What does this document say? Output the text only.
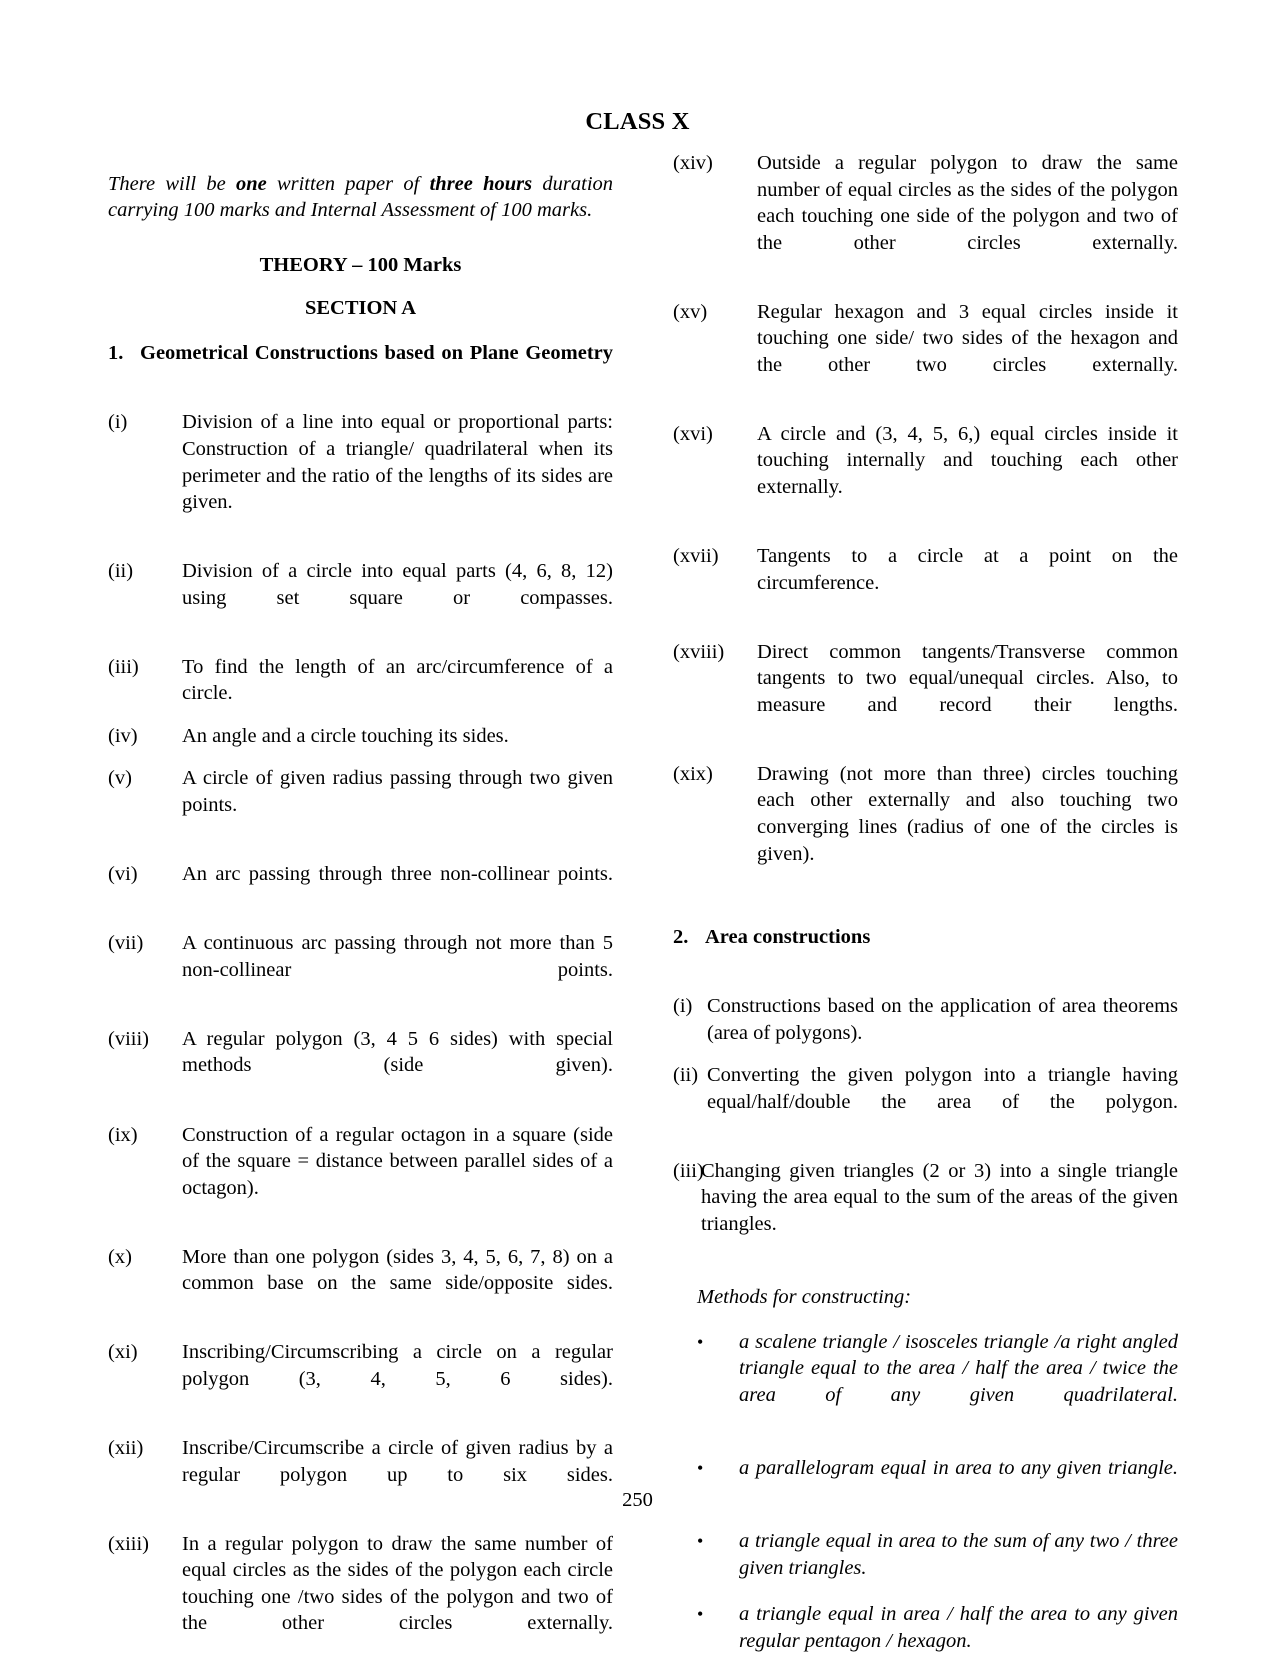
CLASS X

There will be one written paper of three hours duration carrying 100 marks and Internal Assessment of 100 marks.

THEORY – 100 Marks
SECTION A
1. Geometrical Constructions based on Plane Geometry
(i)	Division of a line into equal or proportional parts: Construction of a triangle/ quadrilateral when its perimeter and the ratio of the lengths of its sides are given.
(ii)	Division of a circle into equal parts (4, 6, 8, 12) using set square or compasses.
(iii)	To find the length of an arc/circumference of a circle.
(iv)	An angle and a circle touching its sides.
(v)	A circle of given radius passing through two given points.
(vi)	An arc passing through three non-collinear points.
(vii)	A continuous arc passing through not more than 5 non-collinear points.
(viii)	A regular polygon (3, 4 5 6 sides) with special methods (side given).
(ix)	Construction of a regular octagon in a square (side of the square = distance between parallel sides of a octagon).
(x)	More than one polygon (sides 3, 4, 5, 6, 7, 8) on a common base on the same side/opposite sides.
(xi)	Inscribing/Circumscribing a circle on a regular polygon (3, 4, 5, 6 sides).
(xii)	Inscribe/Circumscribe a circle of given radius by a regular polygon up to six sides.
(xiii)	In a regular polygon to draw the same number of equal circles as the sides of the polygon each circle touching one /two sides of the polygon and two of the other circles externally.
(xiv)	Outside a regular polygon to draw the same number of equal circles as the sides of the polygon each touching one side of the polygon and two of the other circles externally.
(xv)	Regular hexagon and 3 equal circles inside it touching one side/ two sides of the hexagon and the other two circles externally.
(xvi)	A circle and (3, 4, 5, 6,) equal circles inside it touching internally and touching each other externally.
(xvii)	Tangents to a circle at a point on the circumference.
(xviii)	Direct common tangents/Transverse common tangents to two equal/unequal circles. Also, to measure and record their lengths.
(xix)	Drawing (not more than three) circles touching each other externally and also touching two converging lines (radius of one of the circles is given).
2. Area constructions
(i) Constructions based on the application of area theorems (area of polygons).
(ii) Converting the given polygon into a triangle having equal/half/double the area of the polygon.
(iii)
Changing given triangles (2 or 3) into a single triangle having the area equal to the sum of the areas of the given triangles.
Methods for constructing:
•	a scalene triangle / isosceles triangle /a right angled triangle equal to the area / half the area / twice the area of any given quadrilateral.
•	a parallelogram equal in area to any given triangle.
•	a triangle equal in area to the sum of any two / three given triangles.
•	a triangle equal in area / half the area to any given regular pentagon / hexagon.
250
